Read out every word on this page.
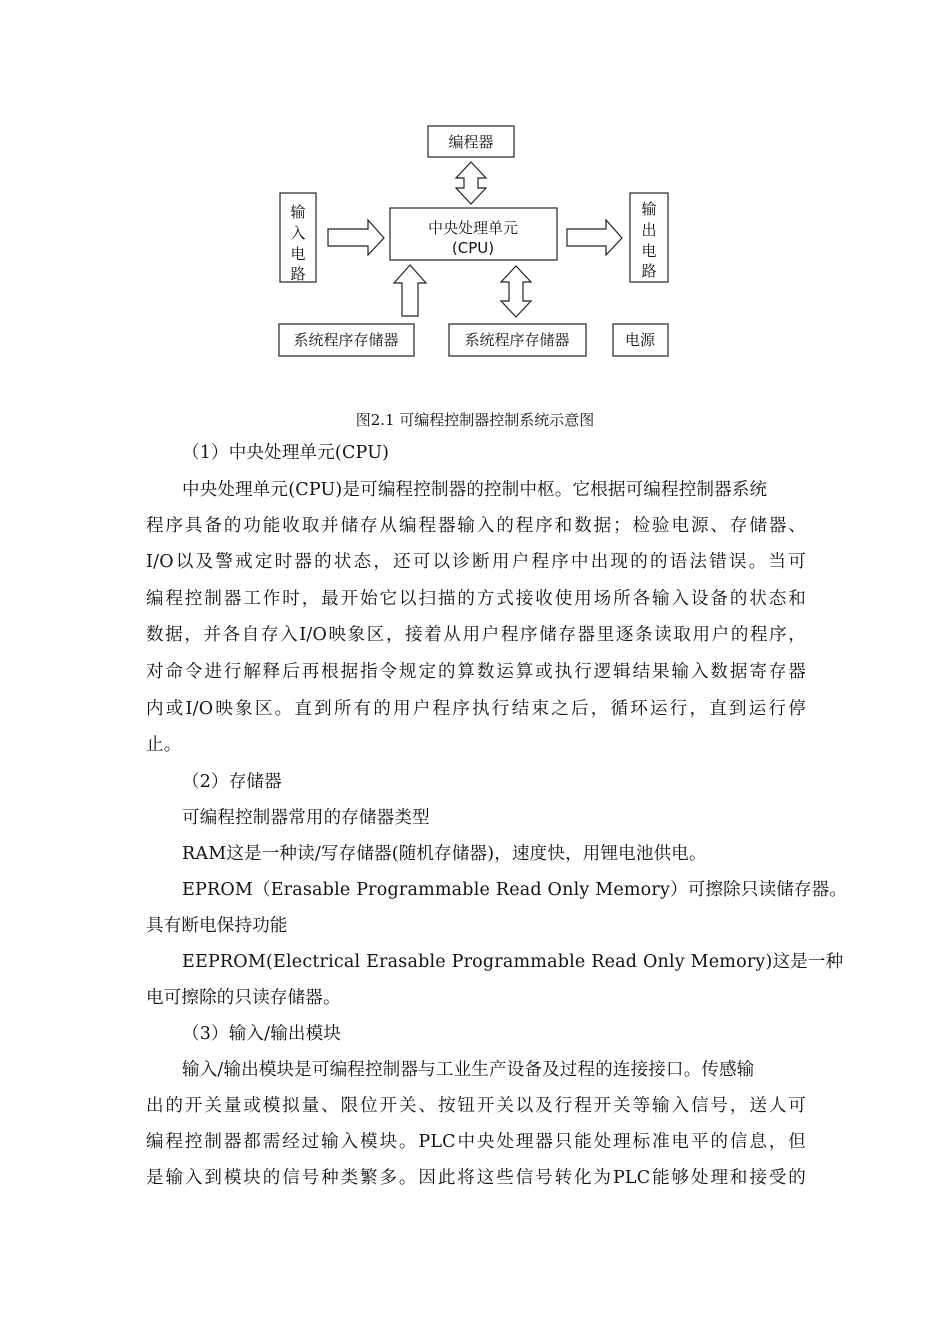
编程器
中央处理单元
(CPU)
输
入
电
路
输
出
电
路
系统程序存储器	系统程序存储器	电源
图2.1 可编程控制器控制系统示意图
（1）中央处理单元(CPU)
中央处理单元(CPU)是可编程控制器的控制中枢。它根据可编程控制器系统
程序具备的功能收取并储存从编程器输入的程序和数据；检验电源、存储器、
I/O以及警戒定时器的状态，还可以诊断用户程序中出现的的语法错误。当可
编程控制器工作时，最开始它以扫描的方式接收使用场所各输入设备的状态和
数据，并各自存入I/O映象区，接着从用户程序储存器里逐条读取用户的程序，
对命令进行解释后再根据指令规定的算数运算或执行逻辑结果输入数据寄存器
内或I/O映象区。直到所有的用户程序执行结束之后，循环运行，直到运行停
止。
（2）存储器
可编程控制器常用的存储器类型
RAM这是一种读/写存储器(随机存储器)，速度快，用锂电池供电。
EPROM（Erasable Programmable Read Only Memory）可擦除只读储存器。
具有断电保持功能
EEPROM(Electrical Erasable Programmable Read Only Memory)这是一种
电可擦除的只读存储器。
（3）输入/输出模块
输入/输出模块是可编程控制器与工业生产设备及过程的连接接口。传感输
出的开关量或模拟量、限位开关、按钮开关以及行程开关等输入信号，送人可
编程控制器都需经过输入模块。PLC中央处理器只能处理标准电平的信息，但
是输入到模块的信号种类繁多。因此将这些信号转化为PLC能够处理和接受的
